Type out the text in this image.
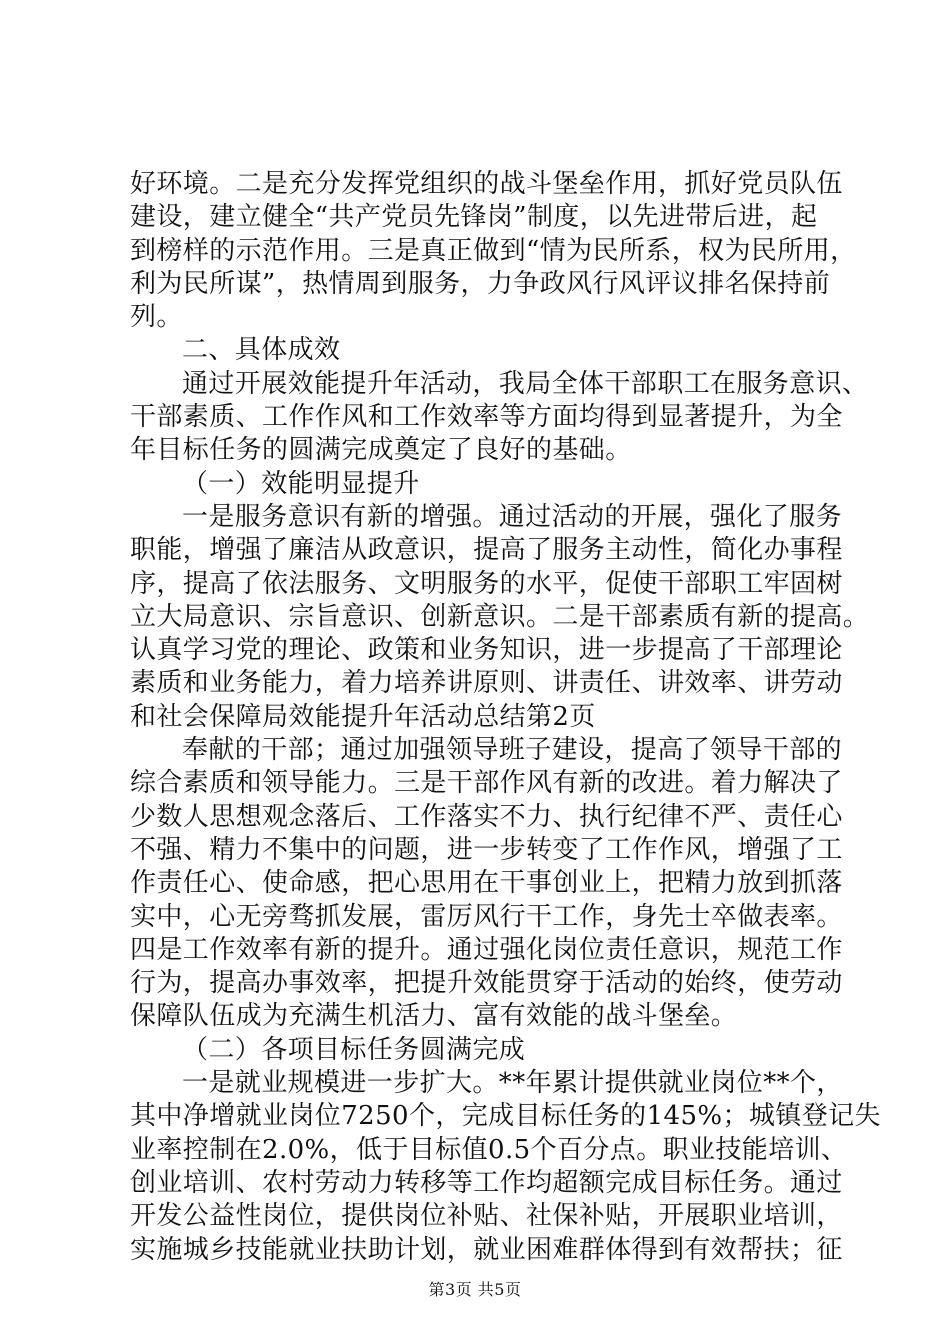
好环境。二是充分发挥党组织的战斗堡垒作用，抓好党员队伍
建设，建立健全“共产党员先锋岗”制度，以先进带后进，起
到榜样的示范作用。三是真正做到“情为民所系，权为民所用，
利为民所谋”，热情周到服务，力争政风行风评议排名保持前
列。
二、具体成效
通过开展效能提升年活动，我局全体干部职工在服务意识、
干部素质、工作作风和工作效率等方面均得到显著提升，为全
年目标任务的圆满完成奠定了良好的基础。
（一）效能明显提升
一是服务意识有新的增强。通过活动的开展，强化了服务
职能，增强了廉洁从政意识，提高了服务主动性，简化办事程
序，提高了依法服务、文明服务的水平，促使干部职工牢固树
立大局意识、宗旨意识、创新意识。二是干部素质有新的提高。
认真学习党的理论、政策和业务知识，进一步提高了干部理论
素质和业务能力，着力培养讲原则、讲责任、讲效率、讲劳动
和社会保障局效能提升年活动总结第2页
奉献的干部；通过加强领导班子建设，提高了领导干部的
综合素质和领导能力。三是干部作风有新的改进。着力解决了
少数人思想观念落后、工作落实不力、执行纪律不严、责任心
不强、精力不集中的问题，进一步转变了工作作风，增强了工
作责任心、使命感，把心思用在干事创业上，把精力放到抓落
实中，心无旁骛抓发展，雷厉风行干工作，身先士卒做表率。
四是工作效率有新的提升。通过强化岗位责任意识，规范工作
行为，提高办事效率，把提升效能贯穿于活动的始终，使劳动
保障队伍成为充满生机活力、富有效能的战斗堡垒。
（二）各项目标任务圆满完成
一是就业规模进一步扩大。**年累计提供就业岗位**个，
其中净增就业岗位7250个，完成目标任务的145%；城镇登记失
业率控制在2.0%，低于目标值0.5个百分点。职业技能培训、
创业培训、农村劳动力转移等工作均超额完成目标任务。通过
开发公益性岗位，提供岗位补贴、社保补贴，开展职业培训，
实施城乡技能就业扶助计划，就业困难群体得到有效帮扶；征
第3页 共5页
